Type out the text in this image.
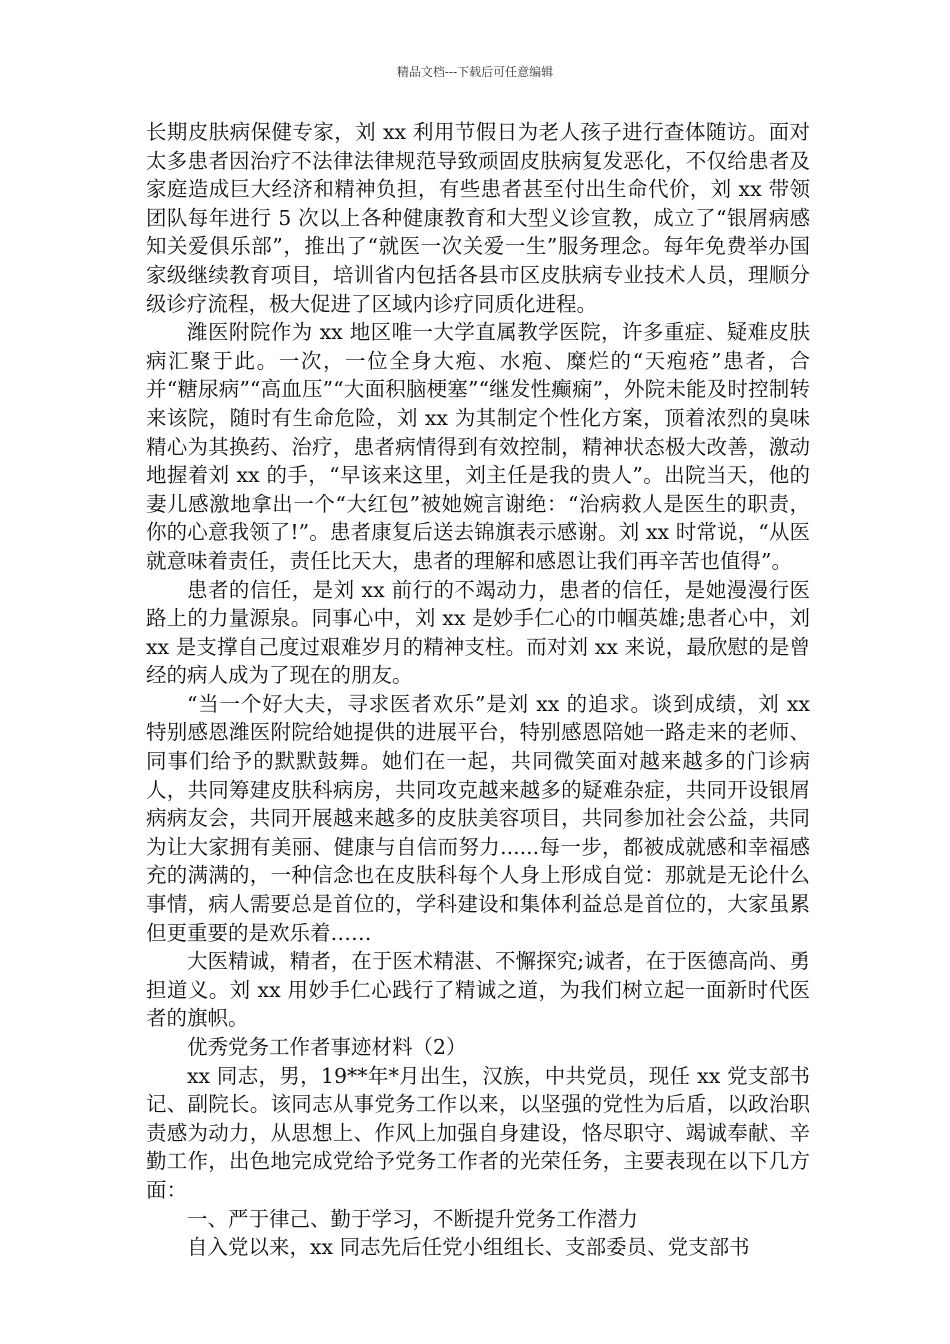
精品文档---下载后可任意编辑

长期皮肤病保健专家，刘 xx 利用节假日为老人孩子进行查体随访。面对太多患者因治疗不法律法律规范导致顽固皮肤病复发恶化，不仅给患者及家庭造成巨大经济和精神负担，有些患者甚至付出生命代价，刘 xx 带领团队每年进行 5 次以上各种健康教育和大型义诊宣教，成立了“银屑病感知关爱俱乐部”，推出了“就医一次关爱一生”服务理念。每年免费举办国家级继续教育项目，培训省内包括各县市区皮肤病专业技术人员，理顺分级诊疗流程，极大促进了区域内诊疗同质化进程。

潍医附院作为 xx 地区唯一大学直属教学医院，许多重症、疑难皮肤病汇聚于此。一次，一位全身大疱、水疱、糜烂的“天疱疮”患者，合并“糖尿病”“高血压”“大面积脑梗塞”“继发性癫痫”，外院未能及时控制转来该院，随时有生命危险，刘 xx 为其制定个性化方案，顶着浓烈的臭味精心为其换药、治疗，患者病情得到有效控制，精神状态极大改善，激动地握着刘 xx 的手，“早该来这里，刘主任是我的贵人”。出院当天，他的妻儿感激地拿出一个“大红包”被她婉言谢绝：“治病救人是医生的职责，你的心意我领了!”。患者康复后送去锦旗表示感谢。刘 xx 时常说，“从医就意味着责任，责任比天大，患者的理解和感恩让我们再辛苦也值得”。

患者的信任，是刘 xx 前行的不竭动力，患者的信任，是她漫漫行医路上的力量源泉。同事心中，刘 xx 是妙手仁心的巾帼英雄;患者心中，刘 xx 是支撑自己度过艰难岁月的精神支柱。而对刘 xx 来说，最欣慰的是曾经的病人成为了现在的朋友。

“当一个好大夫，寻求医者欢乐”是刘 xx 的追求。谈到成绩，刘 xx 特别感恩潍医附院给她提供的进展平台，特别感恩陪她一路走来的老师、同事们给予的默默鼓舞。她们在一起，共同微笑面对越来越多的门诊病人，共同筹建皮肤科病房，共同攻克越来越多的疑难杂症，共同开设银屑病病友会，共同开展越来越多的皮肤美容项目，共同参加社会公益，共同为让大家拥有美丽、健康与自信而努力......每一步，都被成就感和幸福感充的满满的，一种信念也在皮肤科每个人身上形成自觉：那就是无论什么事情，病人需要总是首位的，学科建设和集体利益总是首位的，大家虽累但更重要的是欢乐着……

大医精诚，精者，在于医术精湛、不懈探究;诚者，在于医德高尚、勇担道义。刘 xx 用妙手仁心践行了精诚之道，为我们树立起一面新时代医者的旗帜。

优秀党务工作者事迹材料（2）

xx 同志，男，19**年*月出生，汉族，中共党员，现任 xx 党支部书记、副院长。该同志从事党务工作以来，以坚强的党性为后盾，以政治职责感为动力，从思想上、作风上加强自身建设，恪尽职守、竭诚奉献、辛勤工作，出色地完成党给予党务工作者的光荣任务，主要表现在以下几方面：

一、严于律己、勤于学习，不断提升党务工作潜力

自入党以来，xx 同志先后任党小组组长、支部委员、党支部书
